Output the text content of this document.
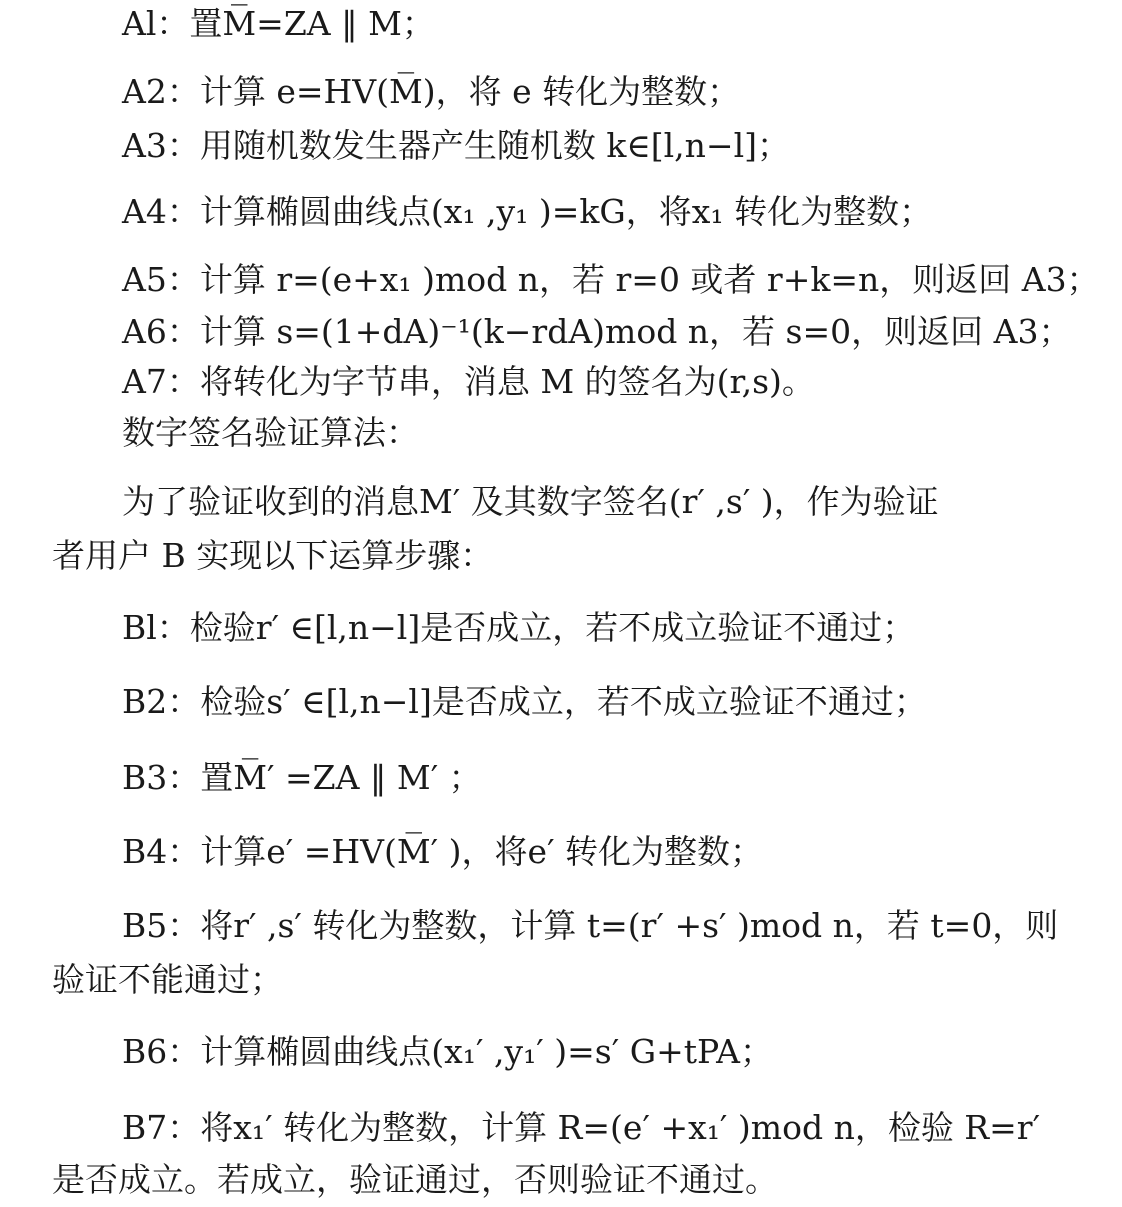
Al：置M̅=ZA ‖ M；
A2：计算 e=HV(M̅)，将 e 转化为整数；
A3：用随机数发生器产生随机数 k∈[l,n−l]；
A4：计算椭圆曲线点(x₁ ,y₁ )=kG，将x₁ 转化为整数；
A5：计算 r=(e+x₁ )mod n，若 r=0 或者 r+k=n，则返回 A3；
A6：计算 s=(1+dA)⁻¹(k−rdA)mod n，若 s=0，则返回 A3；
A7：将转化为字节串，消息 M 的签名为(r,s)。
数字签名验证算法：
为了验证收到的消息M′ 及其数字签名(r′ ,s′ )，作为验证
者用户 B 实现以下运算步骤：
Bl：检验r′ ∈[l,n−l]是否成立，若不成立验证不通过；
B2：检验s′ ∈[l,n−l]是否成立，若不成立验证不通过；
B3：置M̅′ =ZA ‖ M′ ；
B4：计算e′ =HV(M̅′ )，将e′ 转化为整数；
B5：将r′ ,s′ 转化为整数，计算 t=(r′ +s′ )mod n，若 t=0，则
验证不能通过；
B6：计算椭圆曲线点(x₁′ ,y₁′ )=s′ G+tPA；
B7：将x₁′ 转化为整数，计算 R=(e′ +x₁′ )mod n，检验 R=r′
是否成立。若成立，验证通过，否则验证不通过。
